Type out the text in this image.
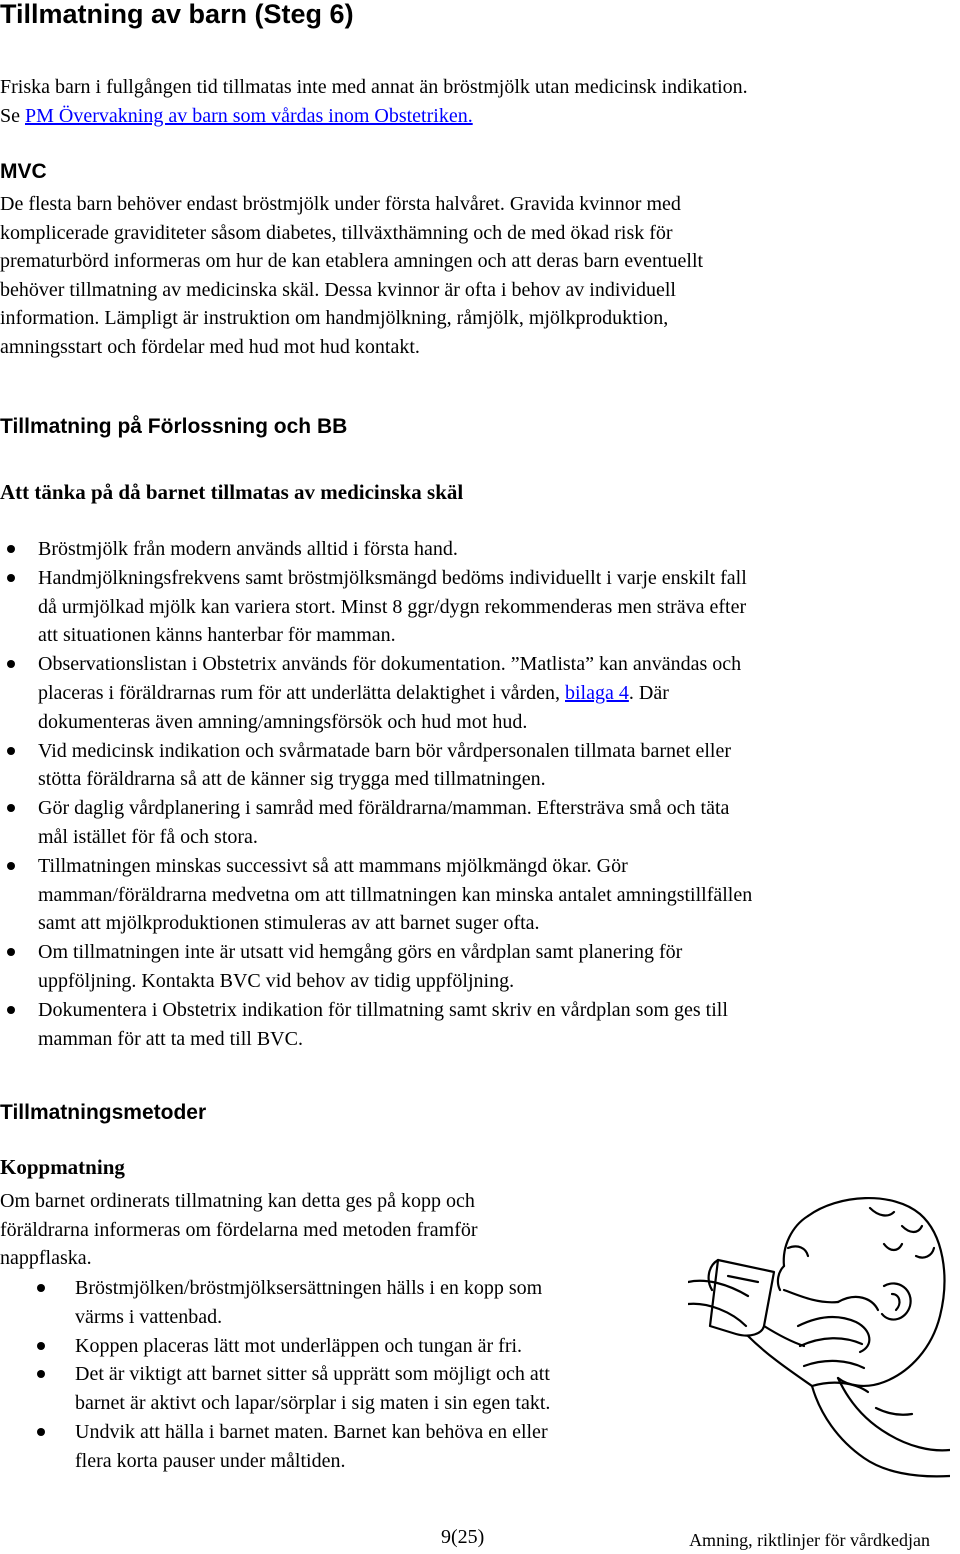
Tillmatning av barn (Steg 6)

Friska barn i fullgången tid tillmatas inte med annat än bröstmjölk utan medicinsk indikation.
Se PM Övervakning av barn som vårdas inom Obstetriken.

MVC

De flesta barn behöver endast bröstmjölk under första halvåret. Gravida kvinnor med
komplicerade graviditeter såsom diabetes, tillväxthämning och de med ökad risk för
prematurbörd informeras om hur de kan etablera amningen och att deras barn eventuellt
behöver tillmatning av medicinska skäl. Dessa kvinnor är ofta i behov av individuell
information. Lämpligt är instruktion om handmjölkning, råmjölk, mjölkproduktion,
amningsstart och fördelar med hud mot hud kontakt.

Tillmatning på Förlossning och BB
Att tänka på då barnet tillmatas av medicinska skäl
Bröstmjölk från modern används alltid i första hand.
Handmjölkningsfrekvens samt bröstmjölksmängd bedöms individuellt i varje enskilt fall
då urmjölkad mjölk kan variera stort. Minst 8 ggr/dygn rekommenderas men sträva efter
att situationen känns hanterbar för mamman.
Observationslistan i Obstetrix används för dokumentation. ”Matlista” kan användas och
placeras i föräldrarnas rum för att underlätta delaktighet i vården, bilaga 4. Där
dokumenteras även amning/amningsförsök och hud mot hud.
Vid medicinsk indikation och svårmatade barn bör vårdpersonalen tillmata barnet eller
stötta föräldrarna så att de känner sig trygga med tillmatningen.
Gör daglig vårdplanering i samråd med föräldrarna/mamman. Eftersträva små och täta
mål istället för få och stora.
Tillmatningen minskas successivt så att mammans mjölkmängd ökar. Gör
mamman/föräldrarna medvetna om att tillmatningen kan minska antalet amningstillfällen
samt att mjölkproduktionen stimuleras av att barnet suger ofta.
Om tillmatningen inte är utsatt vid hemgång görs en vårdplan samt planering för
uppföljning. Kontakta BVC vid behov av tidig uppföljning.
Dokumentera i Obstetrix indikation för tillmatning samt skriv en vårdplan som ges till
mamman för att ta med till BVC.
Tillmatningsmetoder
Koppmatning

Om barnet ordinerats tillmatning kan detta ges på kopp och
föräldrarna informeras om fördelarna med metoden framför
nappflaska.

Bröstmjölken/bröstmjölksersättningen hälls i en kopp som
värms i vattenbad.
Koppen placeras lätt mot underläppen och tungan är fri.
Det är viktigt att barnet sitter så upprätt som möjligt och att
barnet är aktivt och lapar/sörplar i sig maten i sin egen takt.
Undvik att hälla i barnet maten. Barnet kan behöva en eller
flera korta pauser under måltiden.
9(25)	Amning, riktlinjer för vårdkedjan
